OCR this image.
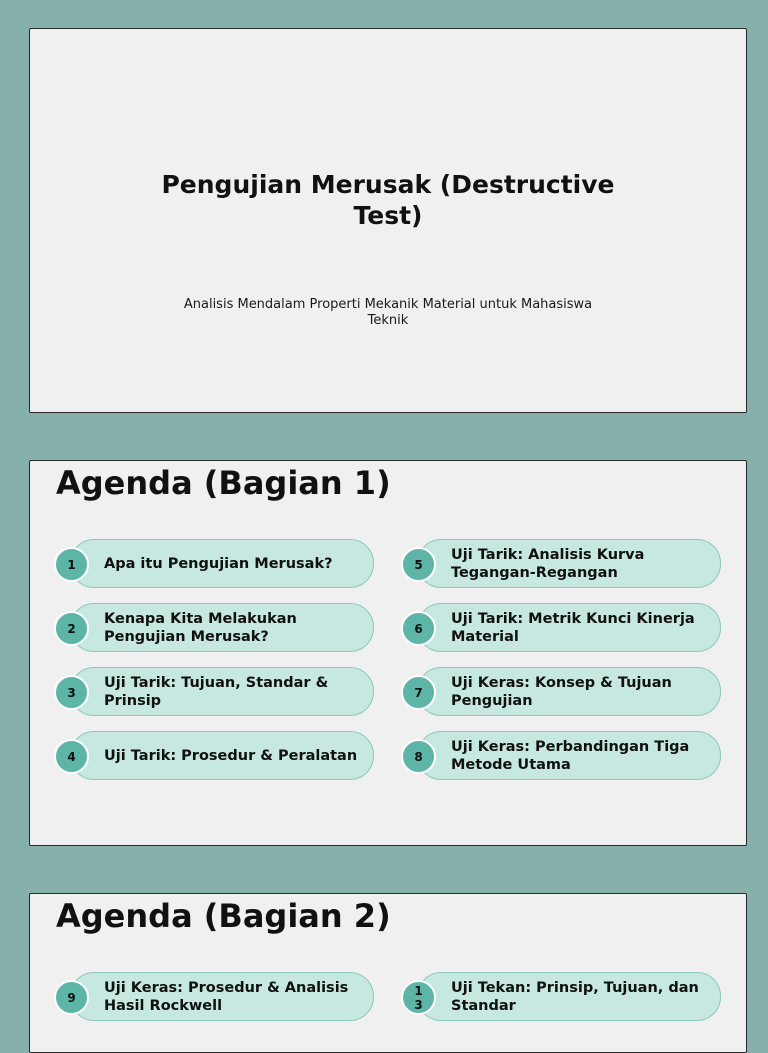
Pengujian Merusak (Destructive Test)
Analisis Mendalam Properti Mekanik Material untuk Mahasiswa Teknik
Agenda (Bagian 1)
1	Apa itu Pengujian Merusak?	5
Uji Tarik: Analisis Kurva Tegangan-Regangan
2
Kenapa Kita Melakukan Pengujian Merusak?	6
Uji Tarik: Metrik Kunci Kinerja Material
3
Uji Tarik: Tujuan, Standar & Prinsip	7
Uji Keras: Konsep & Tujuan Pengujian
4	Uji Tarik: Prosedur & Peralatan	8
Uji Keras: Perbandingan Tiga Metode Utama
Agenda (Bagian 2)
9
Uji Keras: Prosedur & Analisis Hasil Rockwell
13
Uji Tekan: Prinsip, Tujuan, dan Standar
